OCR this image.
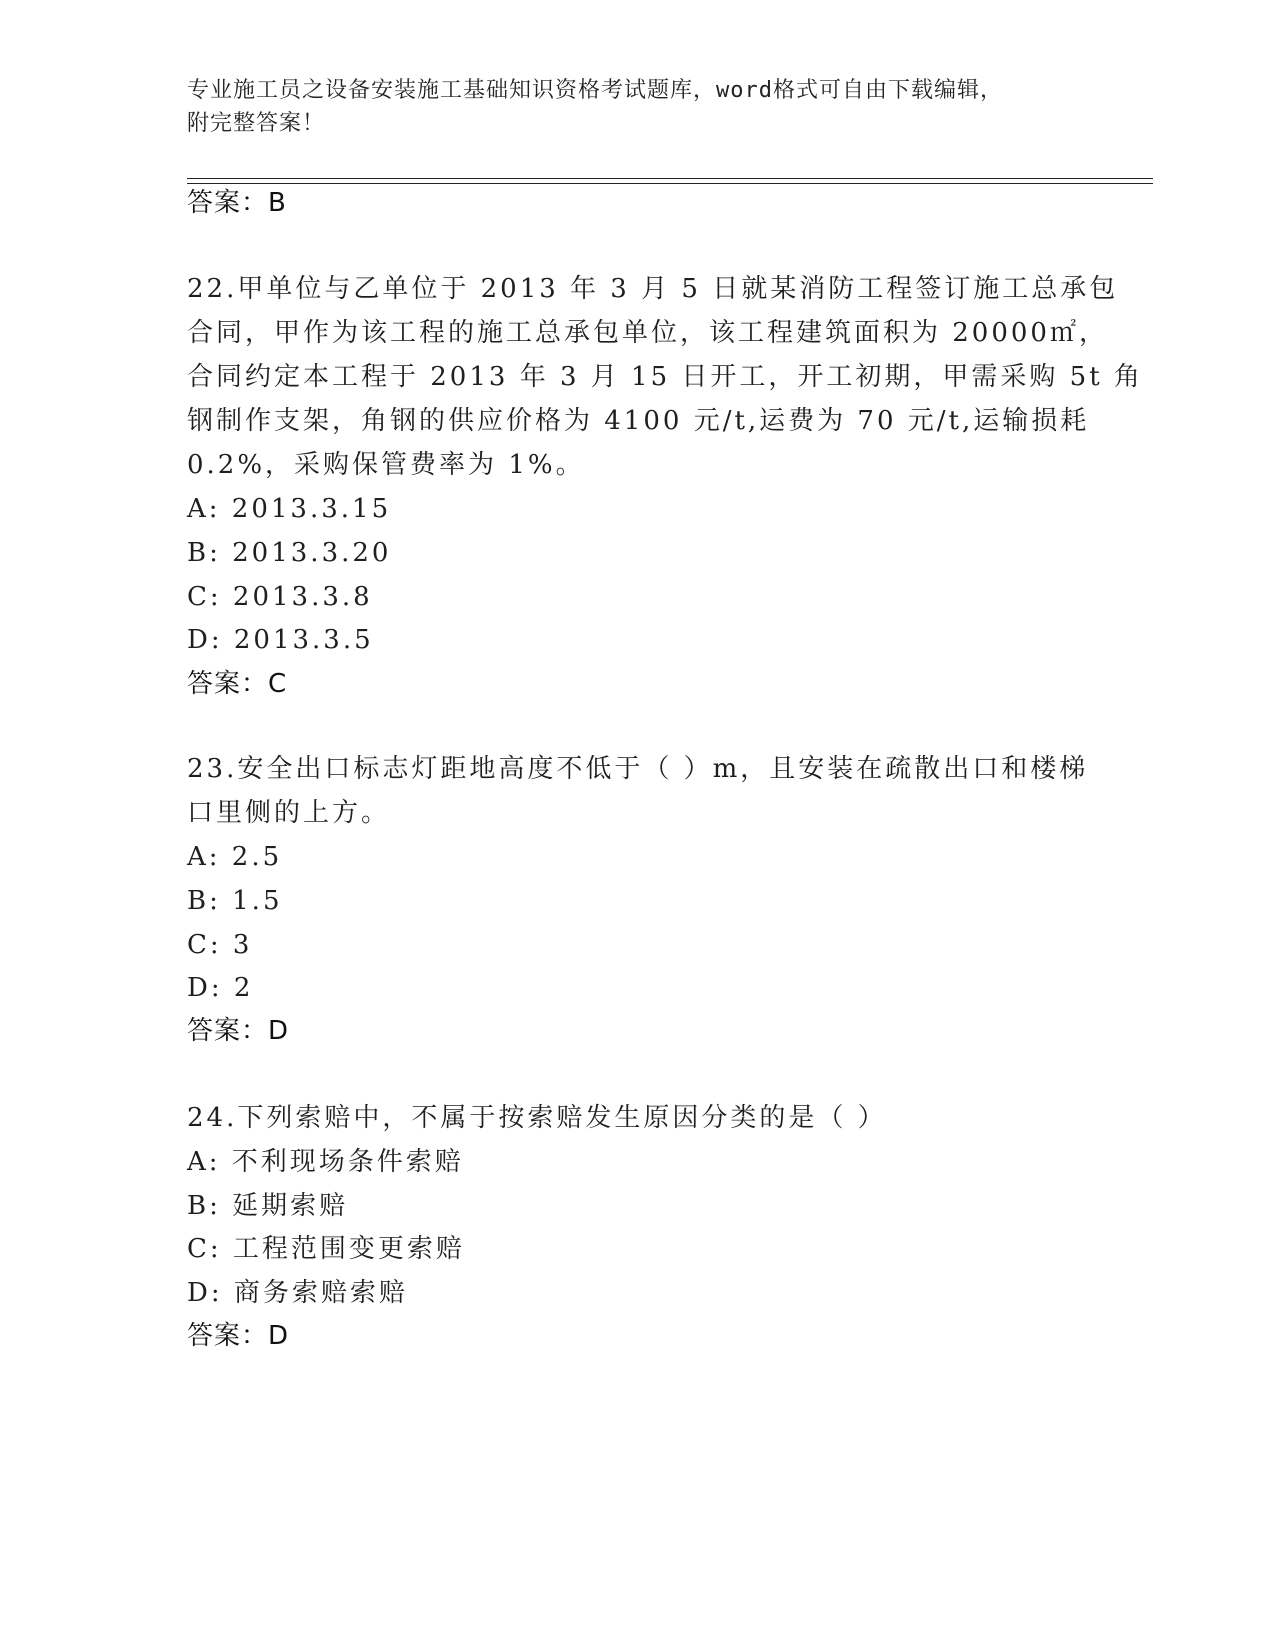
专业施工员之设备安装施工基础知识资格考试题库，word格式可自由下载编辑，
附完整答案！
答案：B
22.甲单位与乙单位于 2013 年 3 月 5 日就某消防工程签订施工总承包
合同，甲作为该工程的施工总承包单位，该工程建筑面积为 20000㎡，
合同约定本工程于 2013 年 3 月 15 日开工，开工初期，甲需采购 5t 角
钢制作支架，角钢的供应价格为 4100 元/t,运费为 70 元/t,运输损耗
0.2%，采购保管费率为 1%。
A: 2013.3.15
B: 2013.3.20
C: 2013.3.8
D: 2013.3.5
答案：C
23.安全出口标志灯距地高度不低于（ ）m，且安装在疏散出口和楼梯
口里侧的上方。
A: 2.5
B: 1.5
C: 3
D: 2
答案：D
24.下列索赔中，不属于按索赔发生原因分类的是（ ）
A: 不利现场条件索赔
B: 延期索赔
C: 工程范围变更索赔
D: 商务索赔索赔
答案：D
